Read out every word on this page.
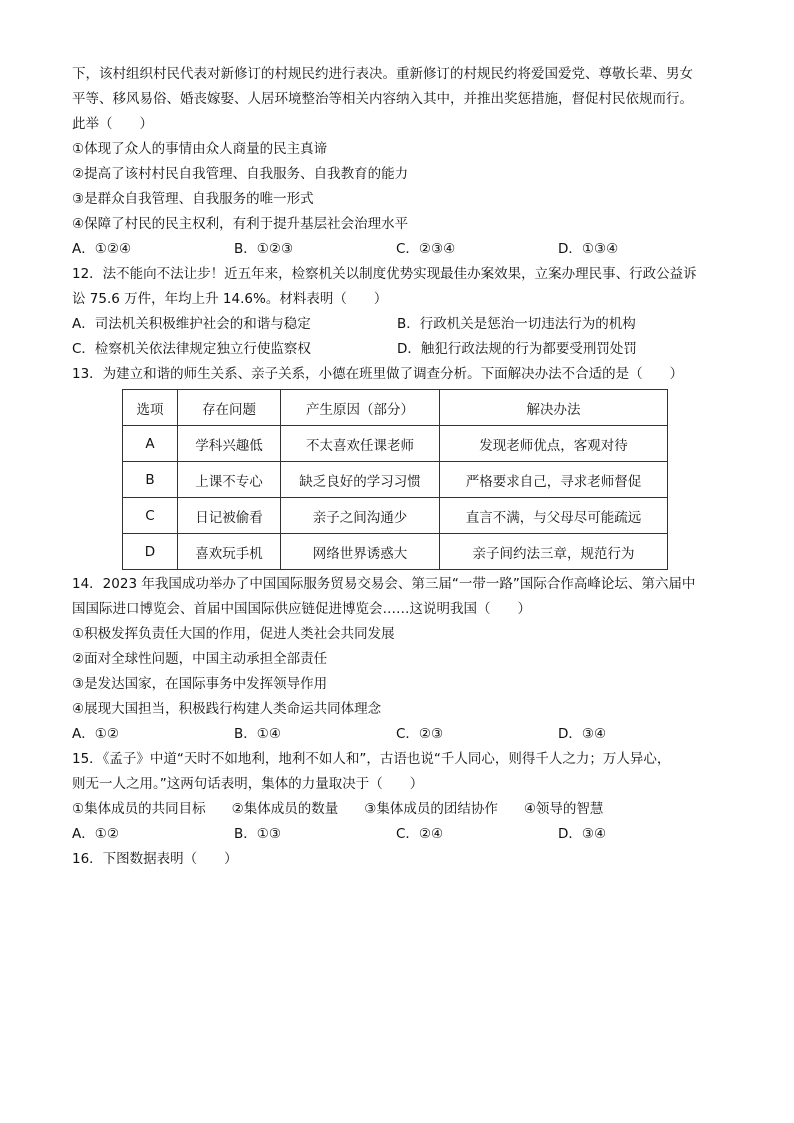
下，该村组织村民代表对新修订的村规民约进行表决。重新修订的村规民约将爱国爱党、尊敬长辈、男女
平等、移风易俗、婚丧嫁娶、人居环境整治等相关内容纳入其中，并推出奖惩措施，督促村民依规而行。
此举（　　）
①体现了众人的事情由众人商量的民主真谛
②提高了该村村民自我管理、自我服务、自我教育的能力
③是群众自我管理、自我服务的唯一形式
④保障了村民的民主权利，有利于提升基层社会治理水平
A．①②④	B．①②③	C．②③④	D．①③④
12．法不能向不法让步！近五年来，检察机关以制度优势实现最佳办案效果，立案办理民事、行政公益诉
讼 75.6 万件，年均上升 14.6%。材料表明（　　）
A．司法机关积极维护社会的和谐与稳定	B．行政机关是惩治一切违法行为的机构
C．检察机关依法律规定独立行使监察权	D．触犯行政法规的行为都要受刑罚处罚
13．为建立和谐的师生关系、亲子关系，小德在班里做了调查分析。下面解决办法不合适的是（　　）
选项	存在问题	产生原因（部分）	解决办法
A	学科兴趣低	不太喜欢任课老师	发现老师优点，客观对待
B	上课不专心	缺乏良好的学习习惯	严格要求自己，寻求老师督促
C	日记被偷看	亲子之间沟通少	直言不满，与父母尽可能疏远
D	喜欢玩手机	网络世界诱惑大	亲子间约法三章，规范行为
14．2023 年我国成功举办了中国国际服务贸易交易会、第三届“一带一路”国际合作高峰论坛、第六届中
国国际进口博览会、首届中国国际供应链促进博览会……这说明我国（　　）
①积极发挥负责任大国的作用，促进人类社会共同发展
②面对全球性问题，中国主动承担全部责任
③是发达国家，在国际事务中发挥领导作用
④展现大国担当，积极践行构建人类命运共同体理念
A．①②	B．①④	C．②③	D．③④
15．《孟子》中道“天时不如地利，地利不如人和”，古语也说“千人同心，则得千人之力；万人异心，
则无一人之用。”这两句话表明，集体的力量取决于（　　）
①集体成员的共同目标 ②集体成员的数量 ③集体成员的团结协作 ④领导的智慧
A．①②	B．①③	C．②④	D．③④
16．下图数据表明（　　）
